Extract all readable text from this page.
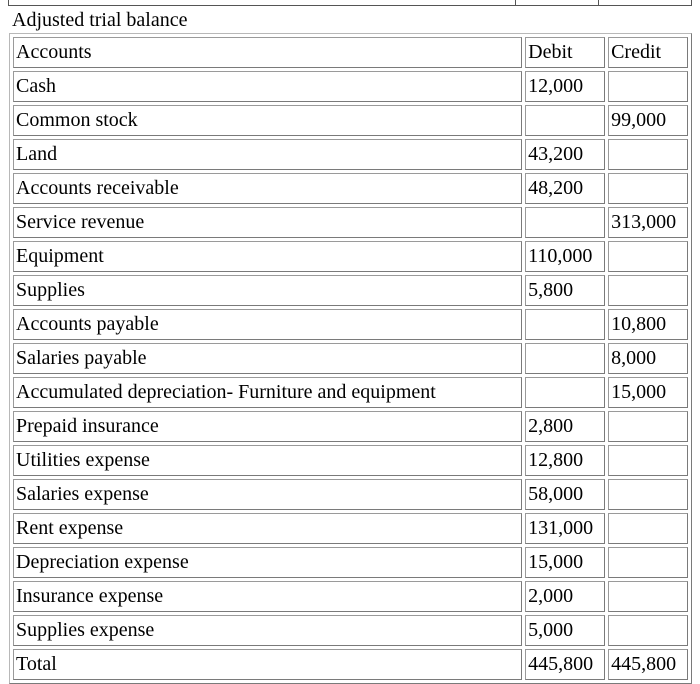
Adjusted trial balance
Accounts	Debit	Credit
Cash	12,000	
Common stock		99,000
Land	43,200	
Accounts receivable	48,200	
Service revenue		313,000
Equipment	110,000	
Supplies	5,800	
Accounts payable		10,800
Salaries payable		8,000
Accumulated depreciation- Furniture and equipment		15,000
Prepaid insurance	2,800	
Utilities expense	12,800	
Salaries expense	58,000	
Rent expense	131,000	
Depreciation expense	15,000	
Insurance expense	2,000	
Supplies expense	5,000	
Total	445,800	445,800
